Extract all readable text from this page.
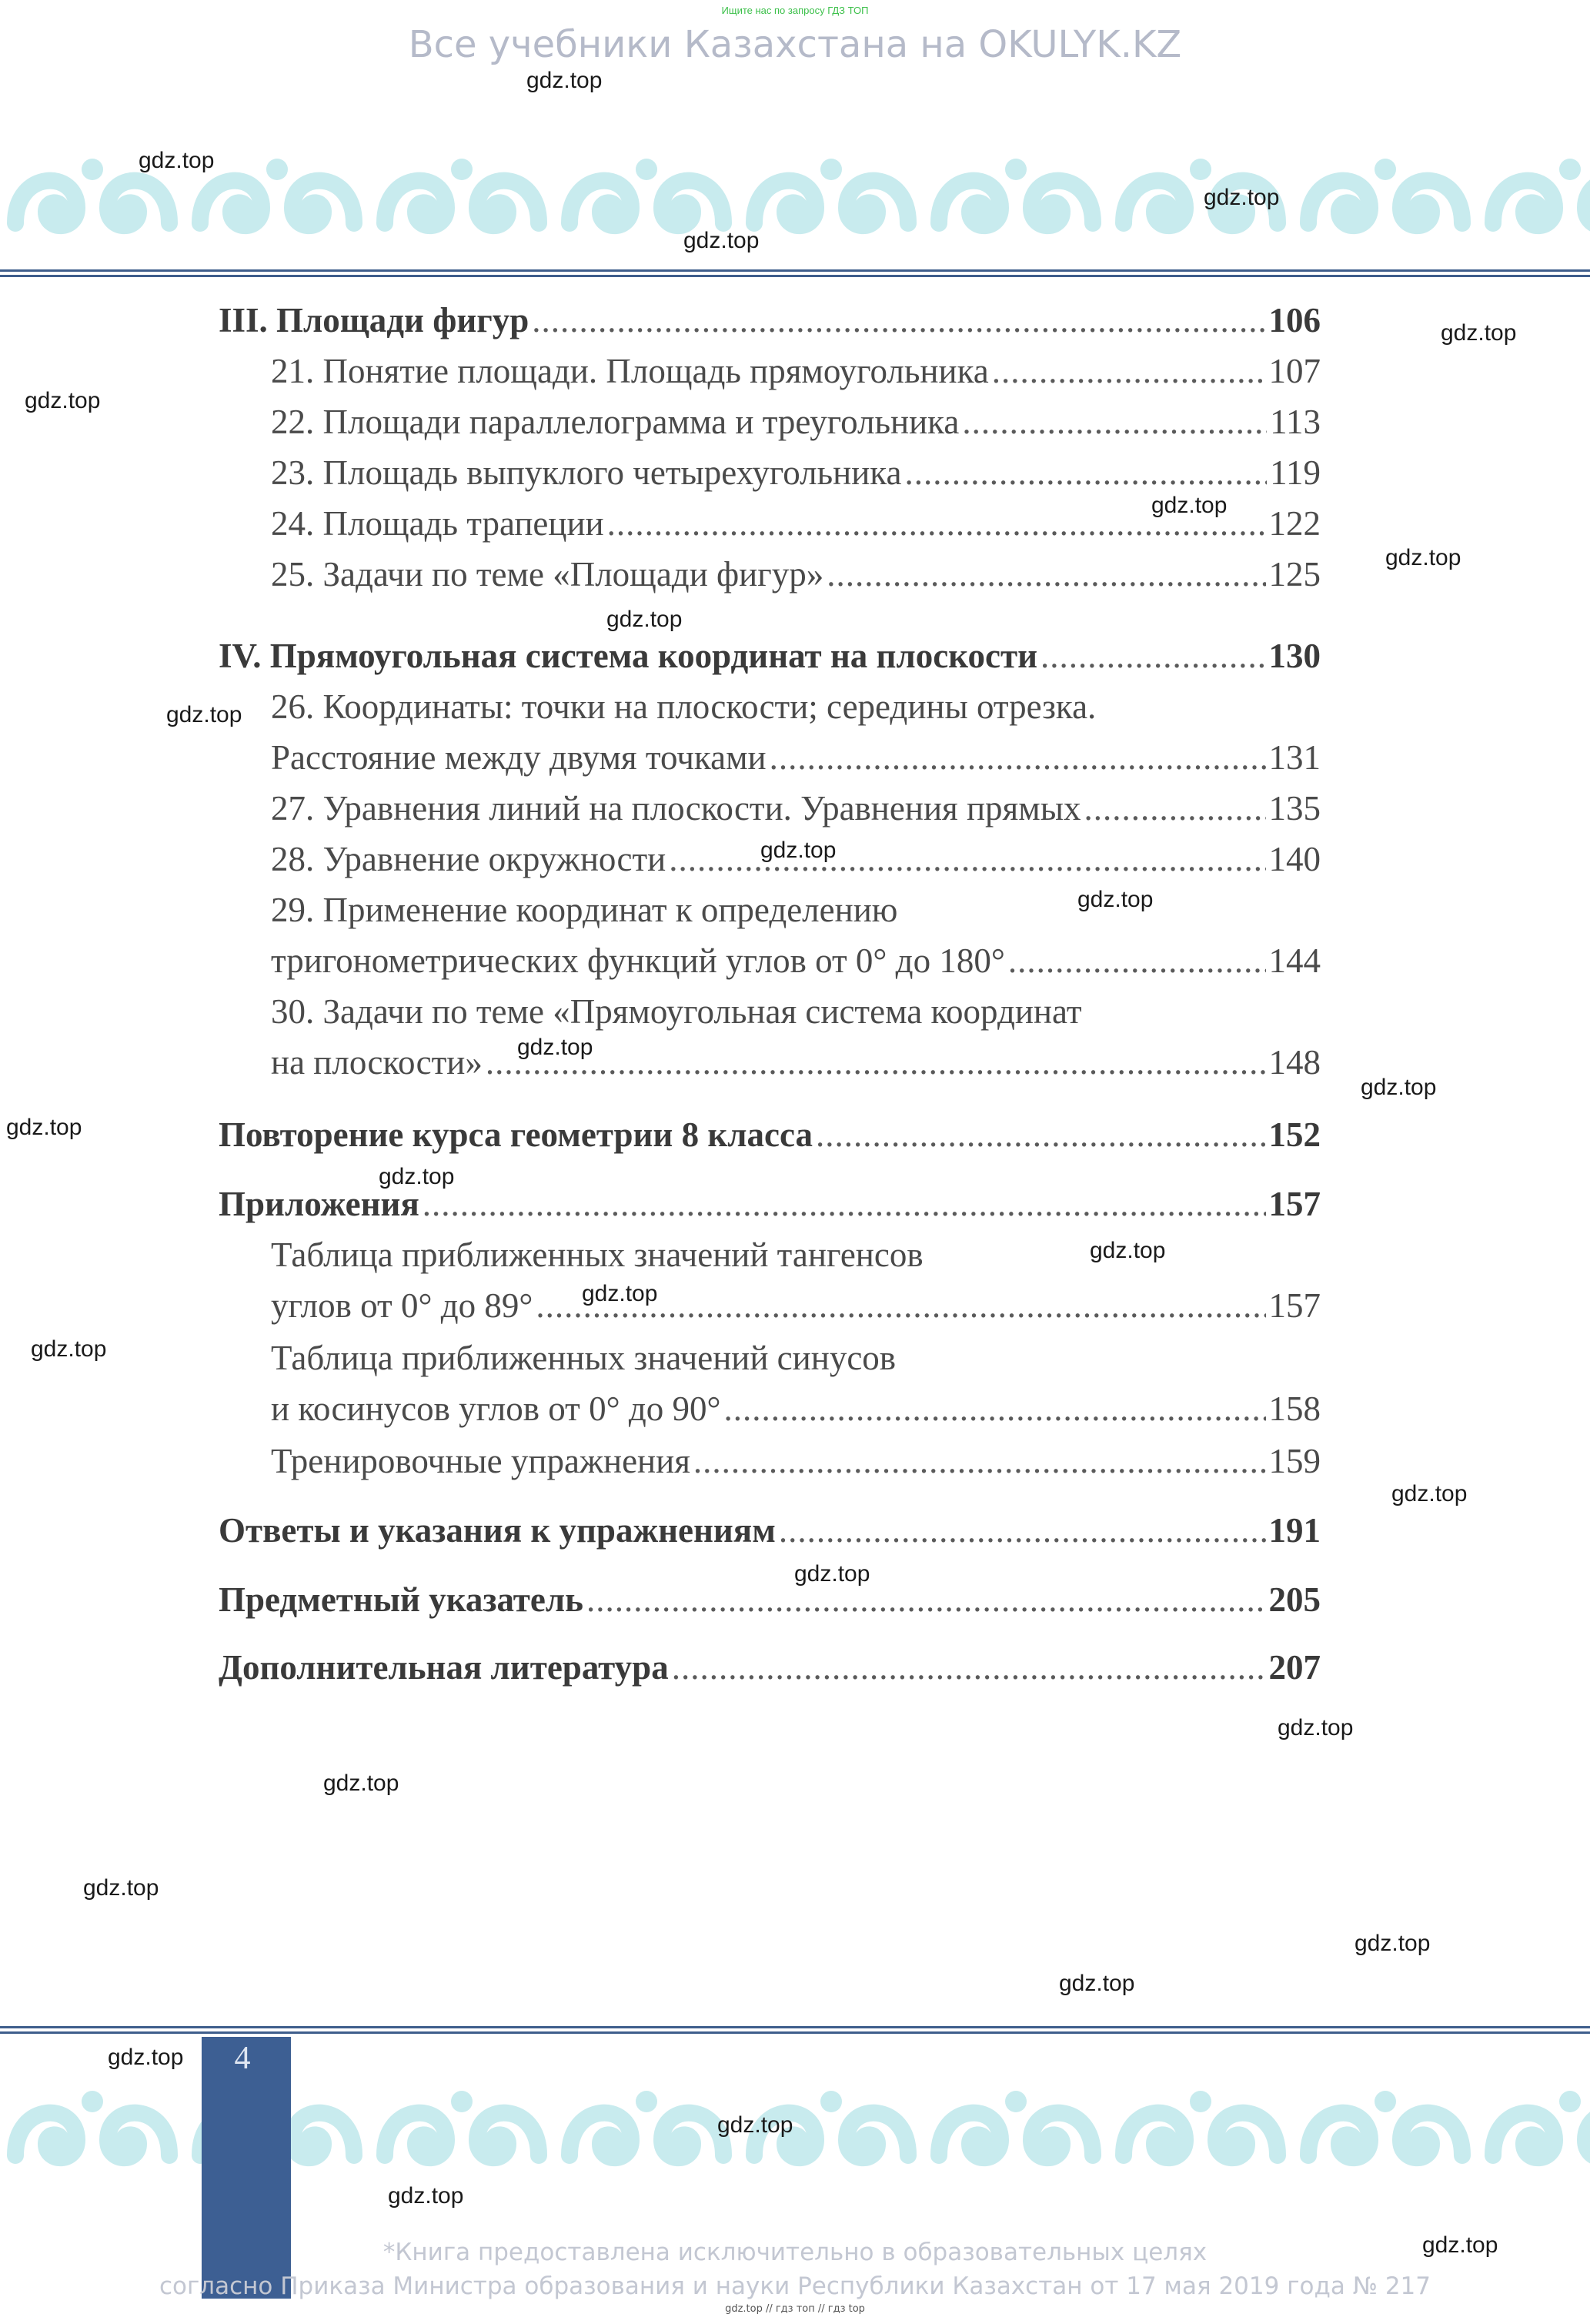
Ищите нас по запросу ГДЗ ТОП
Все учебники Казахстана на OKULYK.KZ
III. Площади фигур .....	106
21. Понятие площади. Площадь прямоугольника .....	107
22. Площади параллелограмма и треугольника .....	113
23. Площадь выпуклого четырехугольника .....	119
24. Площадь трапеции .....	122
25. Задачи по теме «Площади фигур» .....	125
IV. Прямоугольная система координат на плоскости .....	130
26. Координаты: точки на плоскости; середины отрезка.
Расстояние между двумя точками .....	131
27. Уравнения линий на плоскости. Уравнения прямых .....	135
28. Уравнение окружности .....	140
29. Применение координат к определению
тригонометрических функций углов от 0° до 180° .....	144
30. Задачи по теме «Прямоугольная система координат
на плоскости» .....	148
Повторение курса геометрии 8 класса .....	152
Приложения .....	157
Таблица приближенных значений тангенсов
углов от 0° до 89° .....	157
Таблица приближенных значений синусов
и косинусов углов от 0° до 90° .....	158
Тренировочные упражнения .....	159
Ответы и указания к упражнениям .....	191
Предметный указатель .....	205
Дополнительная литература .....	207
4
*Книга предоставлена исключительно в образовательных целях
согласно Приказа Министра образования и науки Республики Казахстан от 17 мая 2019 года № 217
gdz.top // гдз топ // гдз top
gdz.top
gdz.top
gdz.top
gdz.top
gdz.top
gdz.top
gdz.top
gdz.top
gdz.top
gdz.top
gdz.top
gdz.top
gdz.top
gdz.top
gdz.top
gdz.top
gdz.top
gdz.top
gdz.top
gdz.top
gdz.top
gdz.top
gdz.top
gdz.top
gdz.top
gdz.top
gdz.top
gdz.top
gdz.top
gdz.top
